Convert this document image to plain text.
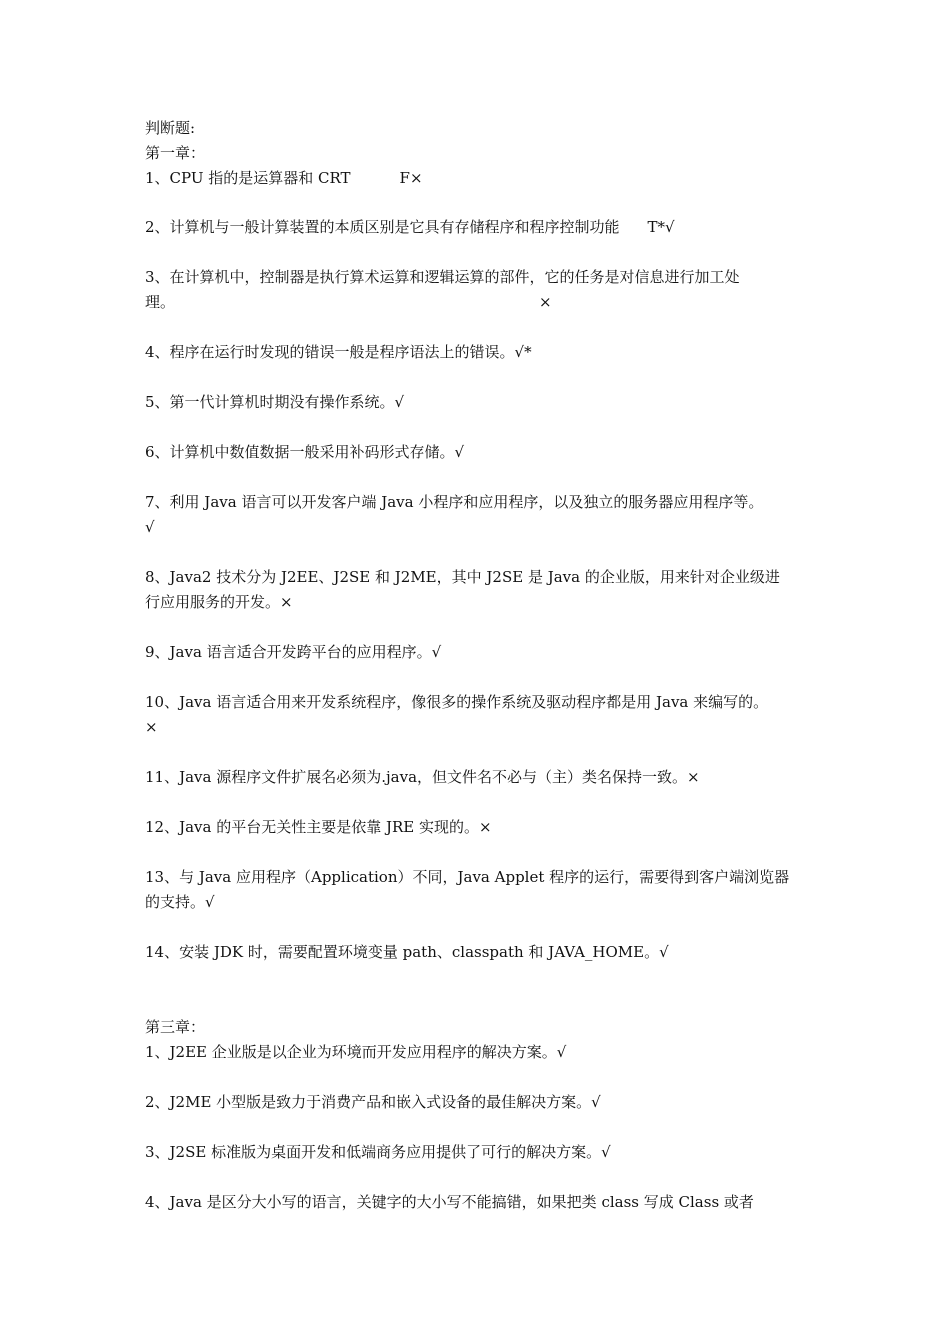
判断题:
第一章：
1、CPU 指的是运算器和 CRT	F×
2、计算机与一般计算装置的本质区别是它具有存储程序和程序控制功能 T*√
3、在计算机中，控制器是执行算术运算和逻辑运算的部件，它的任务是对信息进行加工处
理。	×
4、程序在运行时发现的错误一般是程序语法上的错误。√*
5、第一代计算机时期没有操作系统。√
6、计算机中数值数据一般采用补码形式存储。√
7、利用 Java 语言可以开发客户端 Java 小程序和应用程序，以及独立的服务器应用程序等。
√
8、Java2 技术分为 J2EE、J2SE 和 J2ME，其中 J2SE 是 Java 的企业版，用来针对企业级进
行应用服务的开发。×
9、Java 语言适合开发跨平台的应用程序。√
10、Java 语言适合用来开发系统程序，像很多的操作系统及驱动程序都是用 Java 来编写的。
×
11、Java 源程序文件扩展名必须为.java，但文件名不必与（主）类名保持一致。×
12、Java 的平台无关性主要是依靠 JRE 实现的。×
13、与 Java 应用程序（Application）不同，Java Applet 程序的运行，需要得到客户端浏览器
的支持。√
14、安装 JDK 时，需要配置环境变量 path、classpath 和 JAVA_HOME。√
第三章：
1、J2EE 企业版是以企业为环境而开发应用程序的解决方案。√
2、J2ME 小型版是致力于消费产品和嵌入式设备的最佳解决方案。√
3、J2SE 标准版为桌面开发和低端商务应用提供了可行的解决方案。√
4、Java 是区分大小写的语言，关键字的大小写不能搞错，如果把类 class 写成 Class 或者
